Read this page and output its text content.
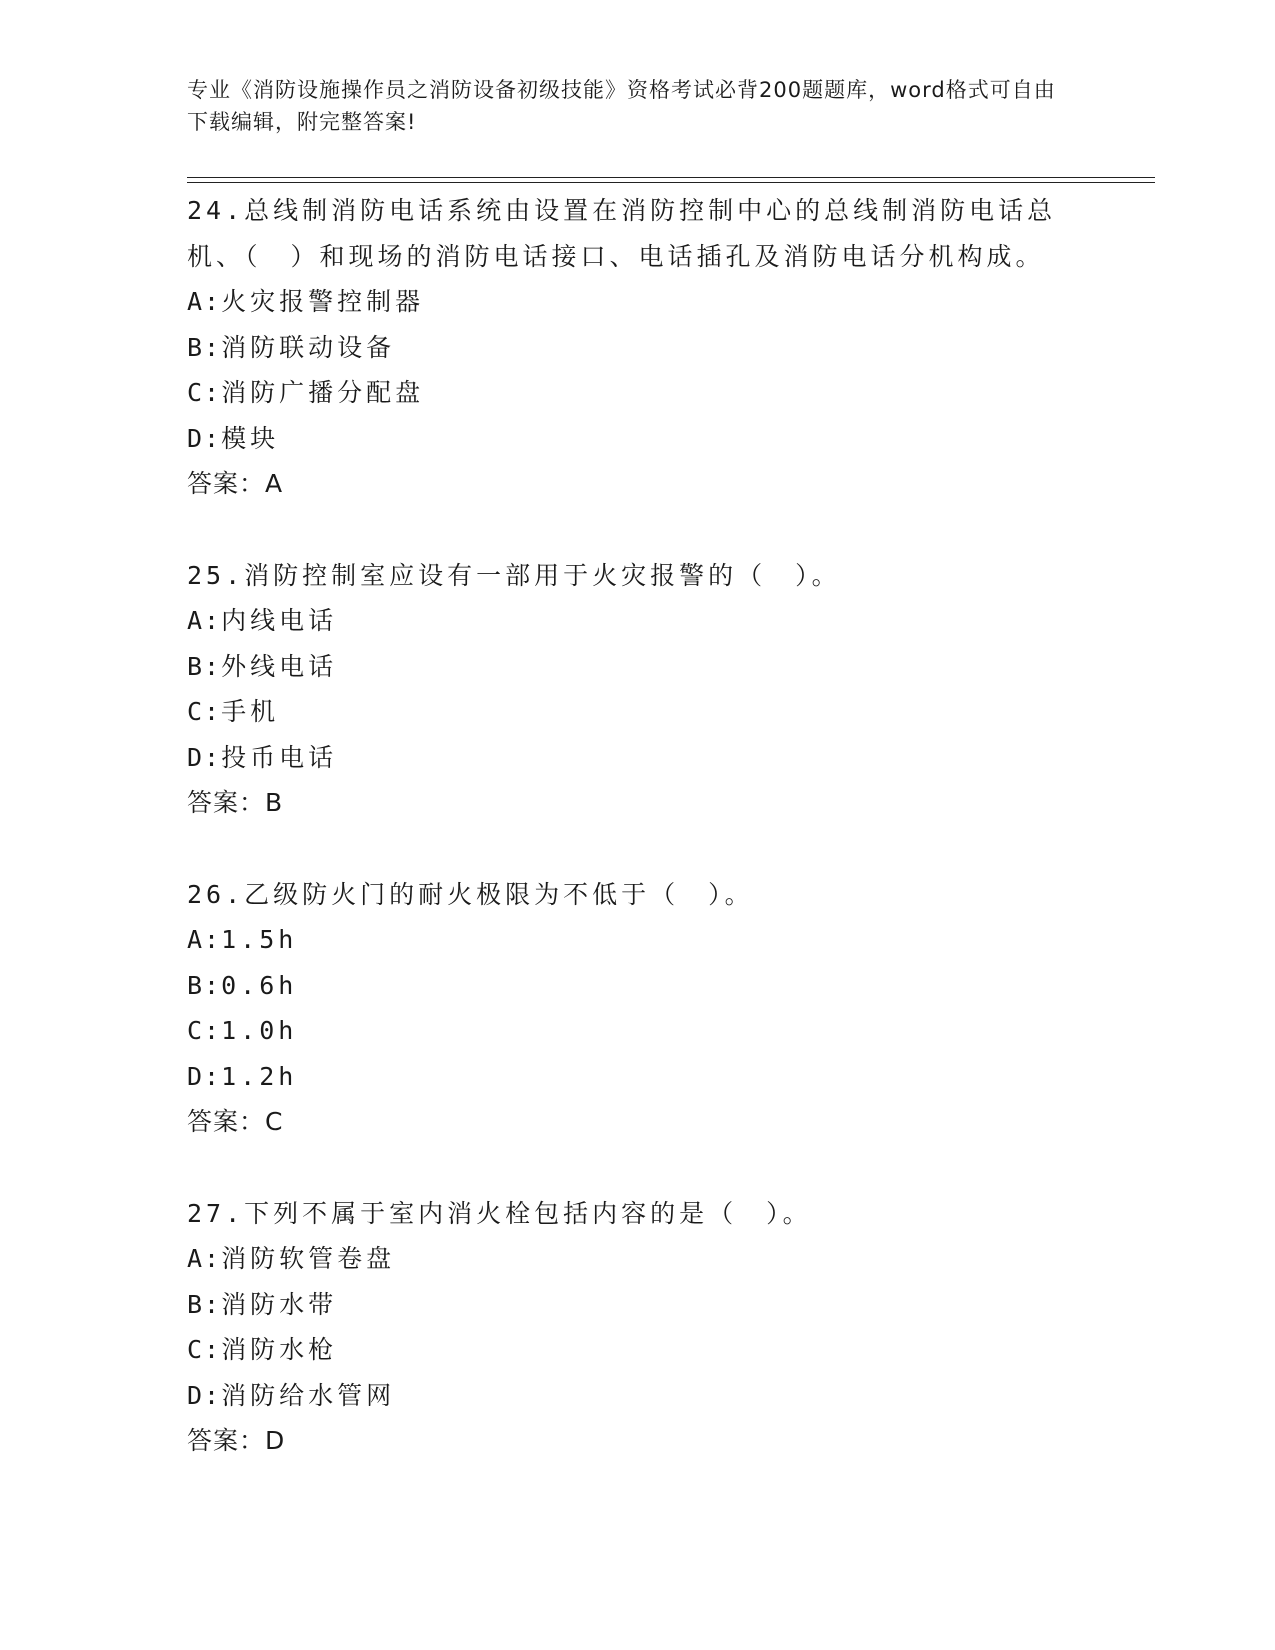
专业《消防设施操作员之消防设备初级技能》资格考试必背200题题库，word格式可自由下载编辑，附完整答案!
24.总线制消防电话系统由设置在消防控制中心的总线制消防电话总机、（　）和现场的消防电话接口、电话插孔及消防电话分机构成。
A:火灾报警控制器
B:消防联动设备
C:消防广播分配盘
D:模块
答案：A
25.消防控制室应设有一部用于火灾报警的（　）。
A:内线电话
B:外线电话
C:手机
D:投币电话
答案：B
26.乙级防火门的耐火极限为不低于（　）。
A:1.5h
B:0.6h
C:1.0h
D:1.2h
答案：C
27.下列不属于室内消火栓包括内容的是（　）。
A:消防软管卷盘
B:消防水带
C:消防水枪
D:消防给水管网
答案：D
